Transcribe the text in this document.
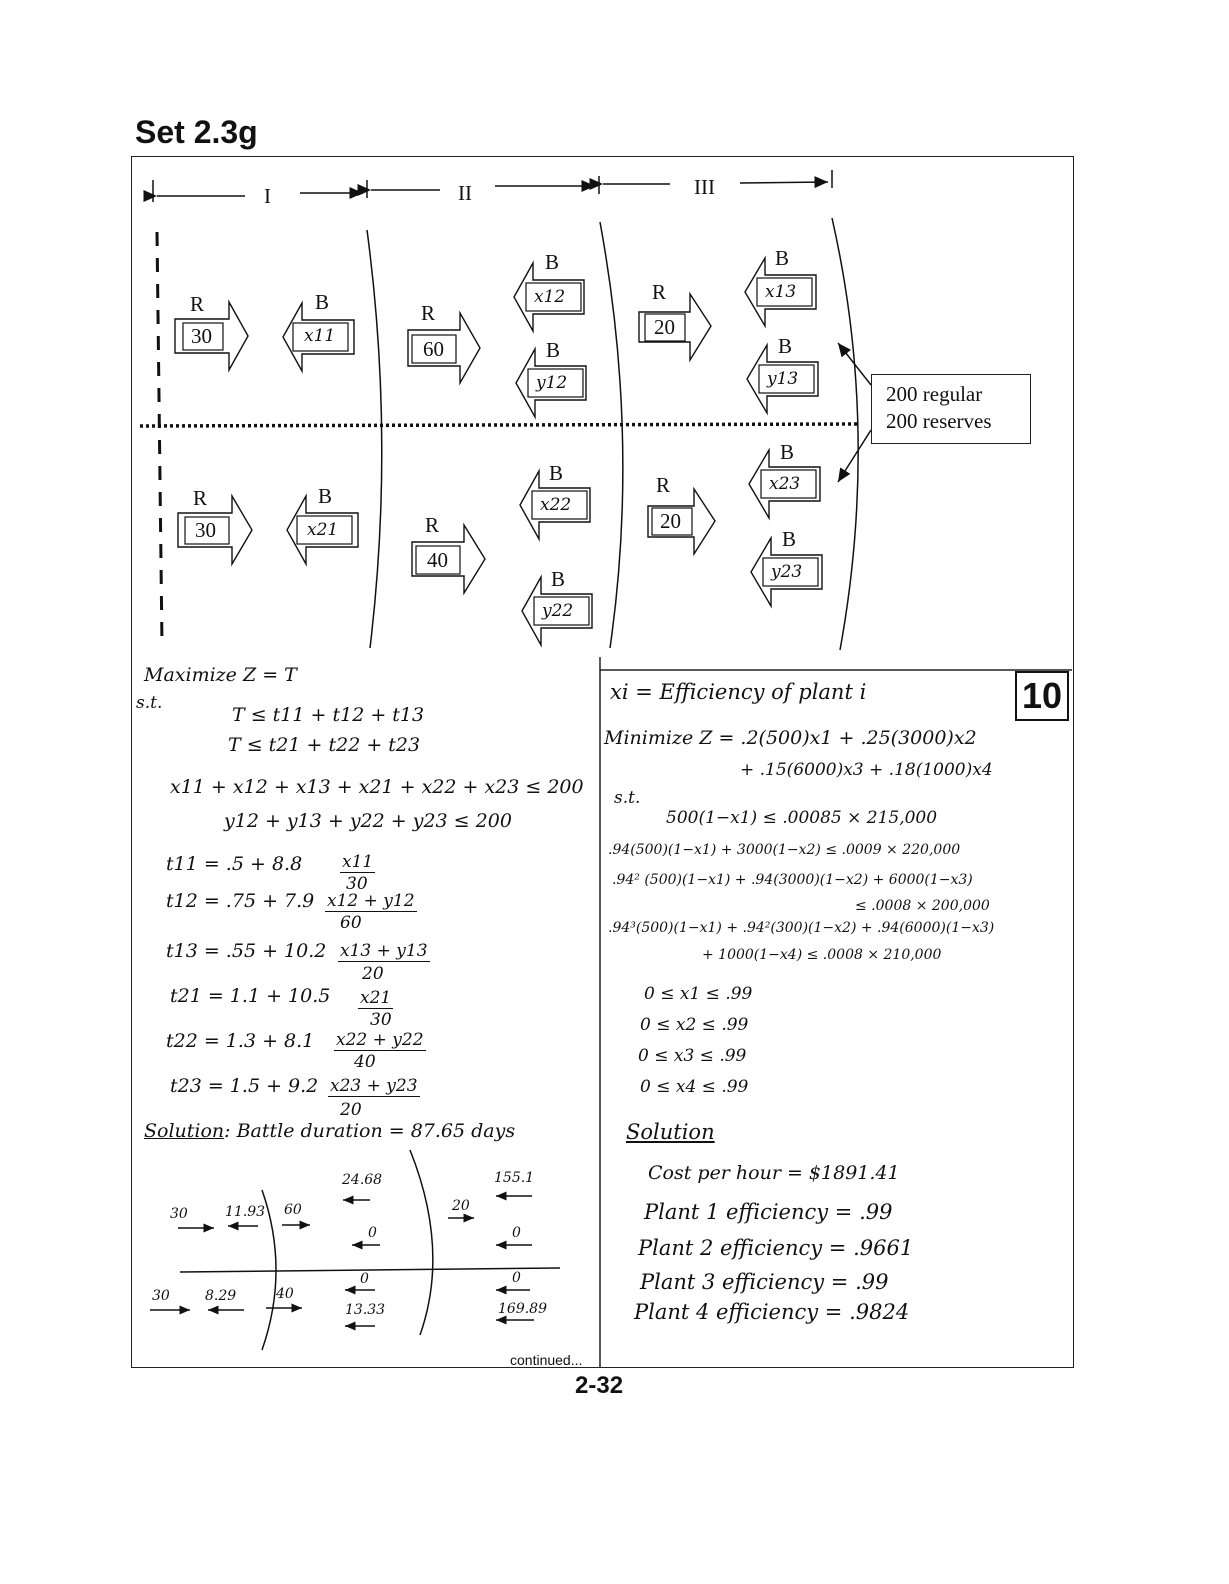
Set 2.3g
I	II	III
R	R
R
R
R
R
30
60
20
30
40
20
B
B
B
B
B
B
B
B
B
B
x11
x12
y12
x13
y13
x21
x22
y22
x23
y23
200 regular
200 reserves
10
Maximize Z = T
s.t.
T ≤ t11 + t12 + t13
T ≤ t21 + t22 + t23
x11 + x12 + x13 + x21 + x22 + x23 ≤ 200
y12 + y13 + y22 + y23 ≤ 200
t11 = .5 + 8.8 x11
30
t12 = .75 + 7.9 x12 + y12
60
t13 = .55 + 10.2 x13 + y13
20
t21 = 1.1 + 10.5 x21
30
t22 = 1.3 + 8.1 x22 + y22
40
t23 = 1.5 + 9.2 x23 + y23
20
Solution: Battle duration = 87.65 days
30	11.93 60
24.68
0
20
155.1
0
30	8.29	40
0
13.33
0
169.89
xi = Efficiency of plant i
Minimize Z = .2(500)x1 + .25(3000)x2
+ .15(6000)x3 + .18(1000)x4
s.t.
500(1−x1) ≤ .00085 × 215,000
.94(500)(1−x1) + 3000(1−x2) ≤ .0009 × 220,000
.94² (500)(1−x1) + .94(3000)(1−x2) + 6000(1−x3)
≤ .0008 × 200,000
.94³(500)(1−x1) + .94²(300)(1−x2) + .94(6000)(1−x3)
+ 1000(1−x4) ≤ .0008 × 210,000
0 ≤ x1 ≤ .99
0 ≤ x2 ≤ .99
0 ≤ x3 ≤ .99
0 ≤ x4 ≤ .99
Solution
Cost per hour = $1891.41
Plant 1 efficiency = .99
Plant 2 efficiency = .9661
Plant 3 efficiency = .99
Plant 4 efficiency = .9824
continued...
2-32
